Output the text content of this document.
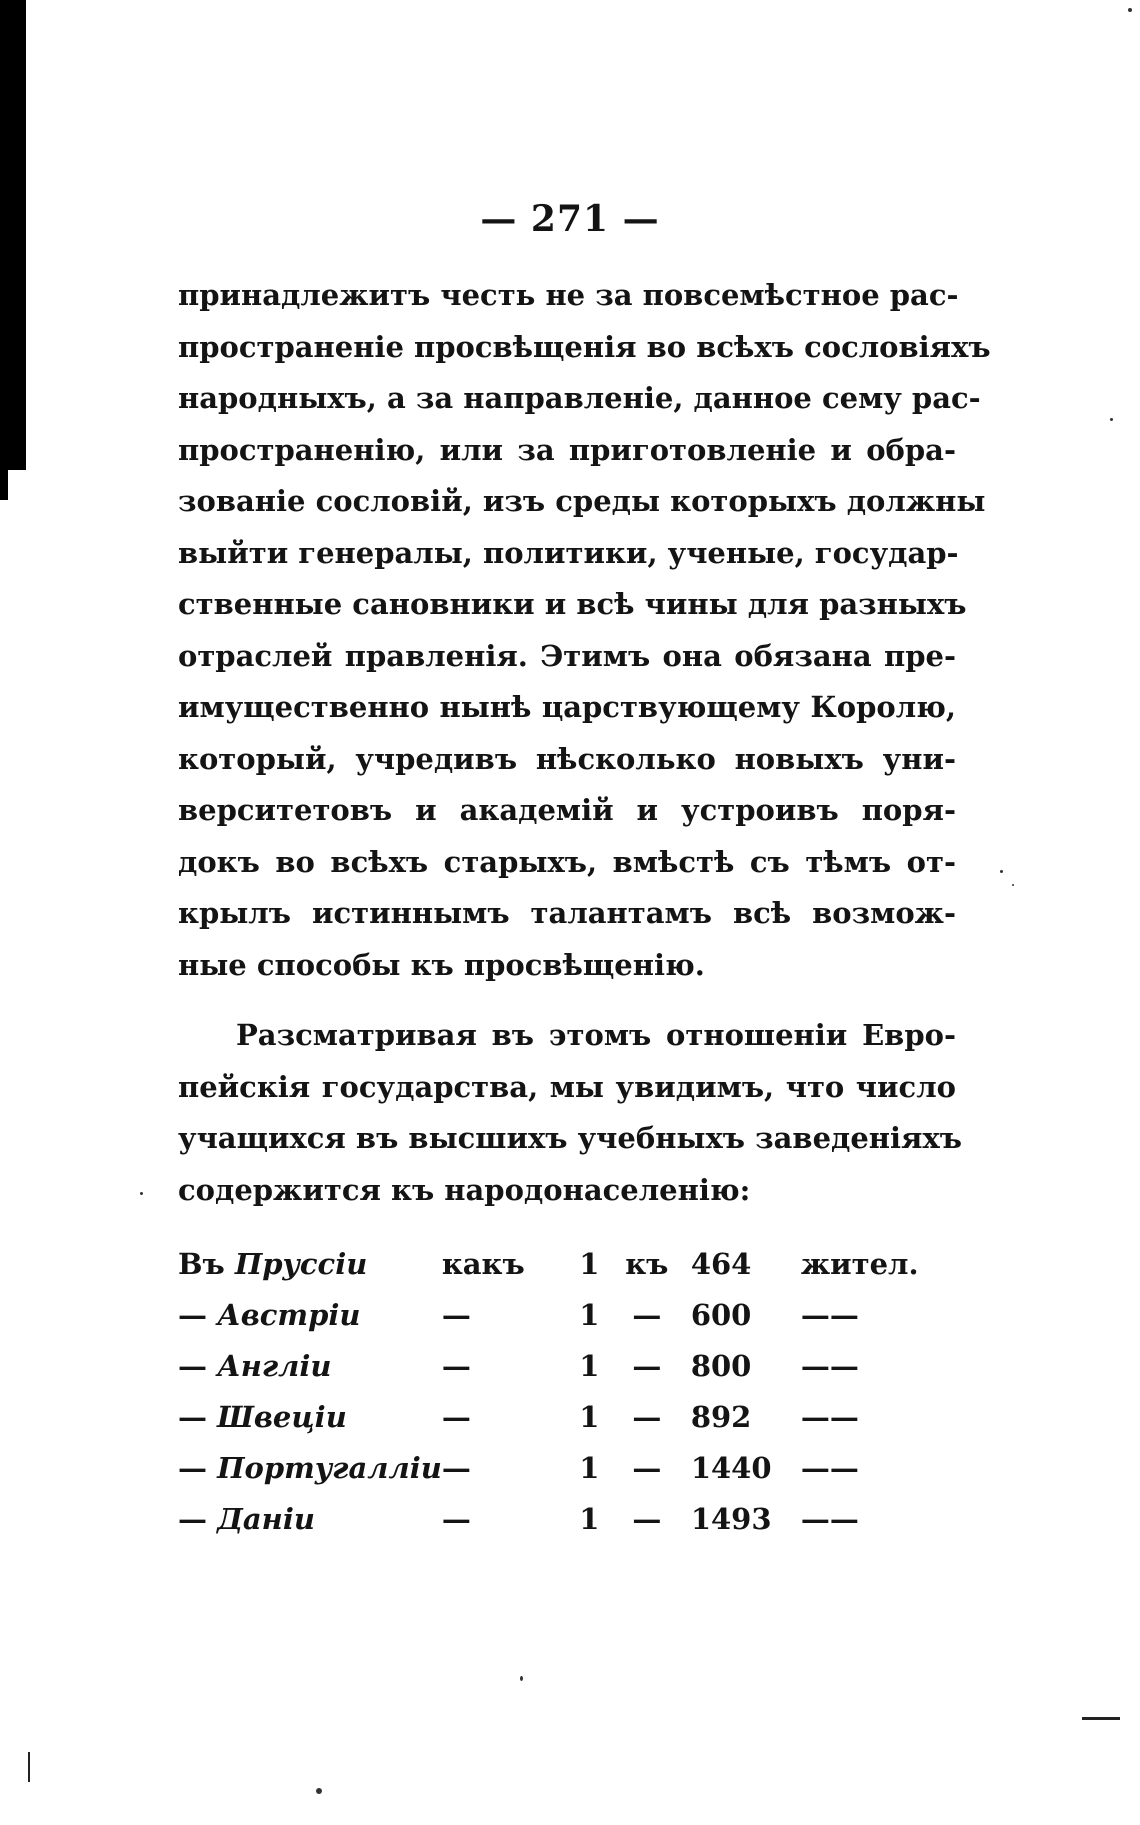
— 271 —

принадлежитъ честь не за повсемѣстное рас-
пространеніе просвѣщенія во всѣхъ сословіяхъ
народныхъ, а за направленіе, данное сему рас-
пространенію, или за приготовленіе и обра-
зованіе сословій, изъ среды которыхъ должны
выйти генералы, политики, ученые, государ-
ственные сановники и всѣ чины для разныхъ
отраслей правленія. Этимъ она обязана пре-
имущественно нынѣ царствующему Королю,
который, учредивъ нѣсколько новыхъ уни-
верситетовъ и академій и устроивъ поря-
докъ во всѣхъ старыхъ, вмѣстѣ съ тѣмъ от-
крылъ истиннымъ талантамъ всѣ возмож-
ные способы къ просвѣщенію.

Разсматривая въ этомъ отношеніи Евро-
пейскія государства, мы увидимъ, что число
учащихся въ высшихъ учебныхъ заведеніяхъ
содержится къ народонаселенію:

Въ Пруссіи	какъ	1	къ	464	жител.
— Австріи	—	1	—	600	——
— Англіи	—	1	—	800	——
— Швеціи	—	1	—	892	——
— Португалліи	—	1	—	1440	——
— Даніи	—	1	—	1493	——
